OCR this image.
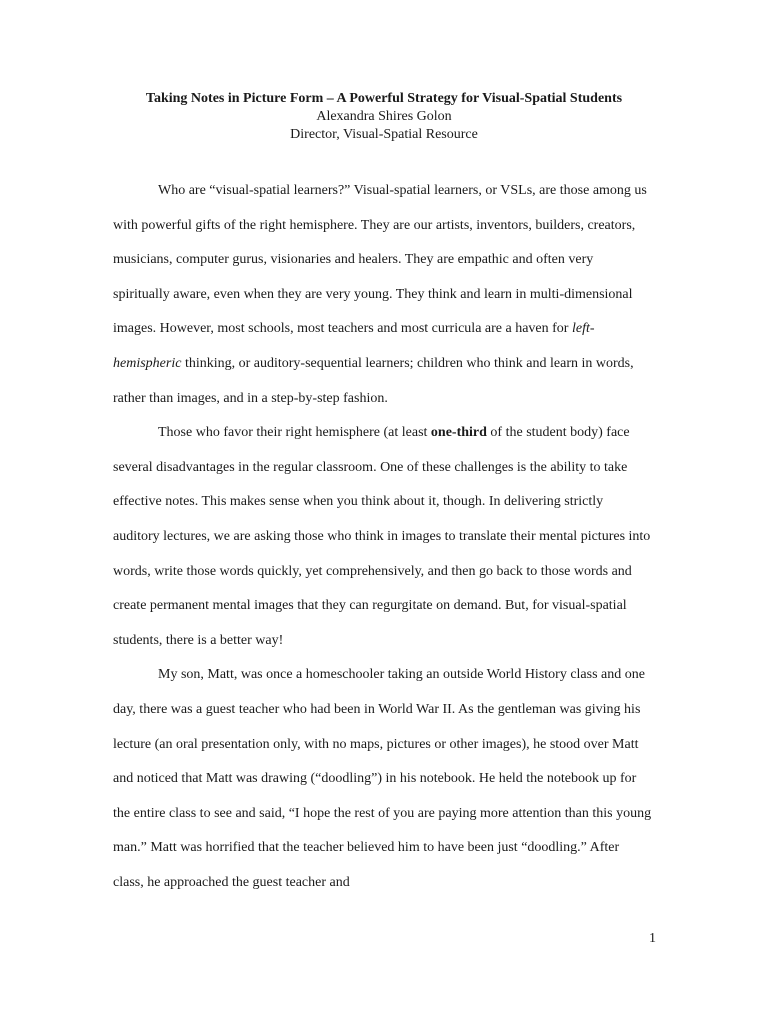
Taking Notes in Picture Form – A Powerful Strategy for Visual-Spatial Students
Alexandra Shires Golon
Director, Visual-Spatial Resource

Who are “visual-spatial learners?” Visual-spatial learners, or VSLs, are those among us with powerful gifts of the right hemisphere. They are our artists, inventors, builders, creators, musicians, computer gurus, visionaries and healers. They are empathic and often very spiritually aware, even when they are very young. They think and learn in multi-dimensional images. However, most schools, most teachers and most curricula are a haven for left-hemispheric thinking, or auditory-sequential learners; children who think and learn in words, rather than images, and in a step-by-step fashion.

Those who favor their right hemisphere (at least one-third of the student body) face several disadvantages in the regular classroom. One of these challenges is the ability to take effective notes. This makes sense when you think about it, though. In delivering strictly auditory lectures, we are asking those who think in images to translate their mental pictures into words, write those words quickly, yet comprehensively, and then go back to those words and create permanent mental images that they can regurgitate on demand. But, for visual-spatial students, there is a better way!

My son, Matt, was once a homeschooler taking an outside World History class and one day, there was a guest teacher who had been in World War II. As the gentleman was giving his lecture (an oral presentation only, with no maps, pictures or other images), he stood over Matt and noticed that Matt was drawing (“doodling”) in his notebook. He held the notebook up for the entire class to see and said, “I hope the rest of you are paying more attention than this young man.” Matt was horrified that the teacher believed him to have been just “doodling.” After class, he approached the guest teacher and

1
